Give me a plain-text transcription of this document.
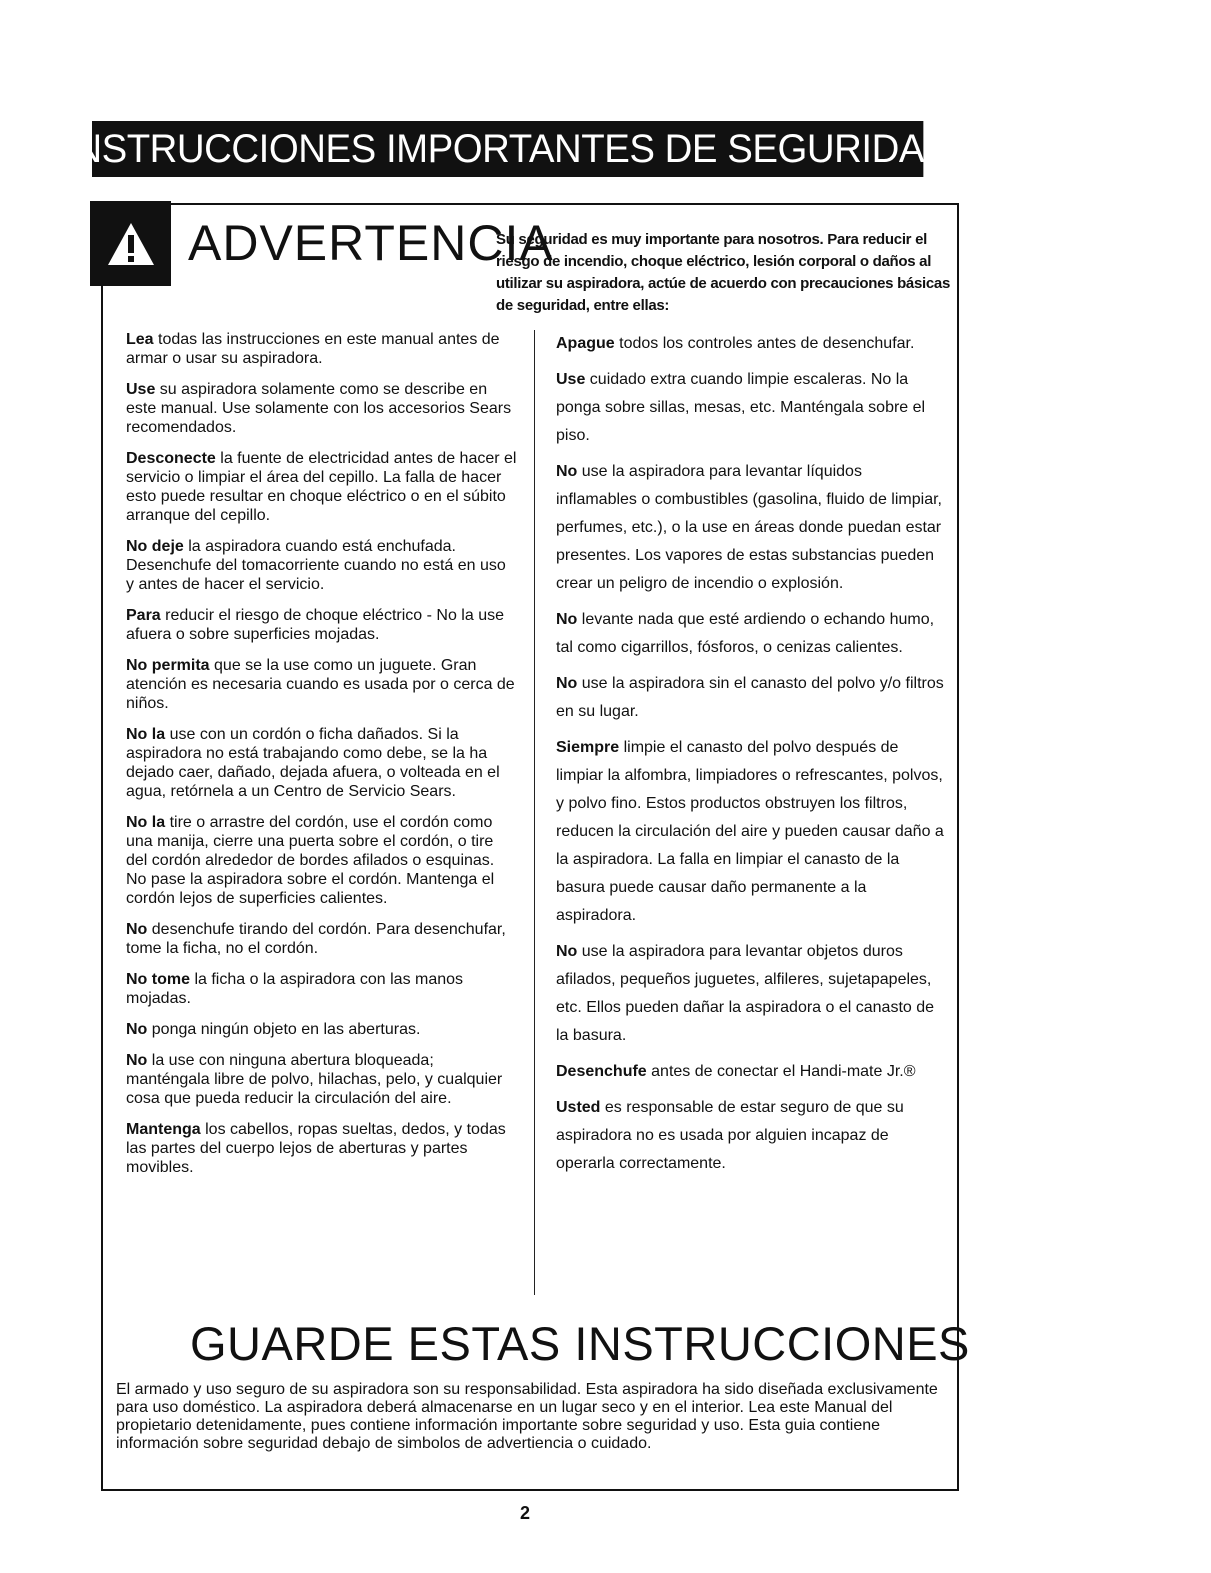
INSTRUCCIONES IMPORTANTES DE SEGURIDAD
ADVERTENCIA
Su seguridad es muy importante para nosotros. Para reducir el riesgo de incendio, choque eléctrico, lesión corporal o daños al utilizar su aspiradora, actúe de acuerdo con precauciones básicas de seguridad, entre ellas:

Lea todas las instrucciones en este manual antes de armar o usar su aspiradora.

Use su aspiradora solamente como se describe en este manual. Use solamente con los accesorios Sears recomendados.

Desconecte la fuente de electricidad antes de hacer el servicio o limpiar el área del cepillo. La falla de hacer esto puede resultar en choque eléctrico o en el súbito arranque del cepillo.

No deje la aspiradora cuando está enchufada. Desenchufe del tomacorriente cuando no está en uso y antes de hacer el servicio.

Para reducir el riesgo de choque eléctrico - No la use afuera o sobre superficies mojadas.

No permita que se la use como un juguete. Gran atención es necesaria cuando es usada por o cerca de niños.

No la use con un cordón o ficha dañados. Si la aspiradora no está trabajando como debe, se la ha dejado caer, dañado, dejada afuera, o volteada en el agua, retórnela a un Centro de Servicio Sears.

No la tire o arrastre del cordón, use el cordón como una manija, cierre una puerta sobre el cordón, o tire del cordón alrededor de bordes afilados o esquinas. No pase la aspiradora sobre el cordón. Mantenga el cordón lejos de superficies calientes.

No desenchufe tirando del cordón. Para desenchufar, tome la ficha, no el cordón.

No tome la ficha o la aspiradora con las manos mojadas.

No ponga ningún objeto en las aberturas.

No la use con ninguna abertura bloqueada; manténgala libre de polvo, hilachas, pelo, y cualquier cosa que pueda reducir la circulación del aire.

Mantenga los cabellos, ropas sueltas, dedos, y todas las partes del cuerpo lejos de aberturas y partes movibles.

Apague todos los controles antes de desenchufar.

Use cuidado extra cuando limpie escaleras. No la ponga sobre sillas, mesas, etc. Manténgala sobre el piso.

No use la aspiradora para levantar líquidos inflamables o combustibles (gasolina, fluido de limpiar, perfumes, etc.), o la use en áreas donde puedan estar presentes. Los vapores de estas substancias pueden crear un peligro de incendio o explosión.

No levante nada que esté ardiendo o echando humo, tal como cigarrillos, fósforos, o cenizas calientes.

No use la aspiradora sin el canasto del polvo y/o filtros en su lugar.

Siempre limpie el canasto del polvo después de limpiar la alfombra, limpiadores o refrescantes, polvos, y polvo fino. Estos productos obstruyen los filtros, reducen la circulación del aire y pueden causar daño a la aspiradora. La falla en limpiar el canasto de la basura puede causar daño permanente a la aspiradora.

No use la aspiradora para levantar objetos duros afilados, pequeños juguetes, alfileres, sujetapapeles, etc. Ellos pueden dañar la aspiradora o el canasto de la basura.

Desenchufe antes de conectar el Handi-mate Jr.®

Usted es responsable de estar seguro de que su aspiradora no es usada por alguien incapaz de operarla correctamente.

GUARDE ESTAS INSTRUCCIONES
El armado y uso seguro de su aspiradora son su responsabilidad. Esta aspiradora ha sido diseñada exclusivamente para uso doméstico. La aspiradora deberá almacenarse en un lugar seco y en el interior. Lea este Manual del propietario detenidamente, pues contiene información importante sobre seguridad y uso. Esta guia contiene información sobre seguridad debajo de simbolos de advertiencia o cuidado.
2
